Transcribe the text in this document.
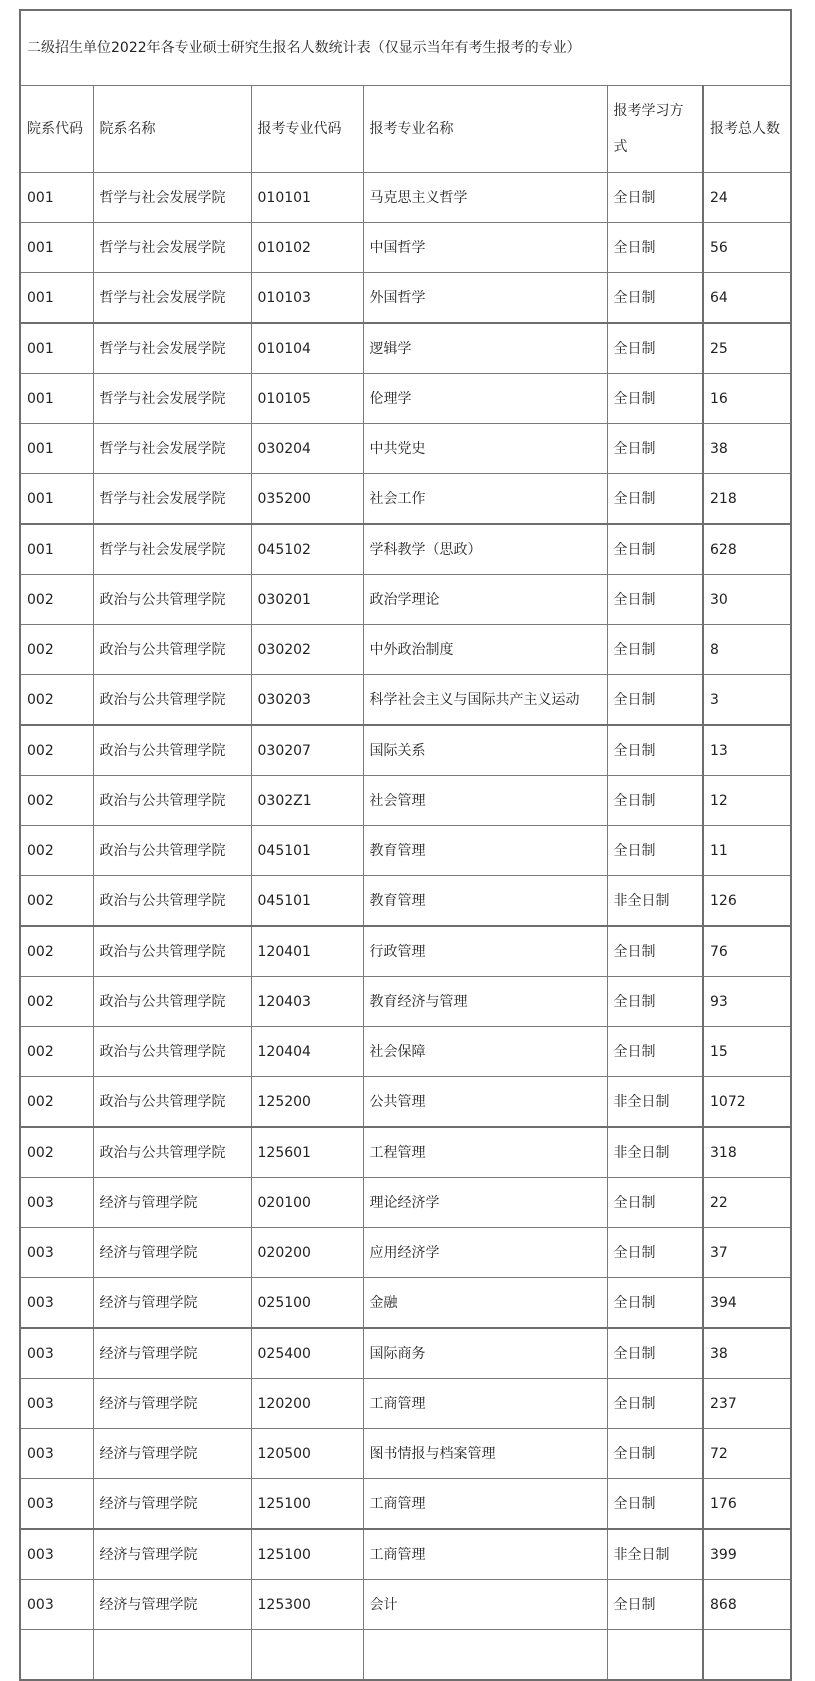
二级招生单位2022年各专业硕士研究生报名人数统计表（仅显示当年有考生报考的专业）					
院系代码	院系名称	报考专业代码	报考专业名称	报考学习方式	报考总人数
001	哲学与社会发展学院	010101	马克思主义哲学	全日制	24
001	哲学与社会发展学院	010102	中国哲学	全日制	56
001	哲学与社会发展学院	010103	外国哲学	全日制	64
001	哲学与社会发展学院	010104	逻辑学	全日制	25
001	哲学与社会发展学院	010105	伦理学	全日制	16
001	哲学与社会发展学院	030204	中共党史	全日制	38
001	哲学与社会发展学院	035200	社会工作	全日制	218
001	哲学与社会发展学院	045102	学科教学（思政）	全日制	628
002	政治与公共管理学院	030201	政治学理论	全日制	30
002	政治与公共管理学院	030202	中外政治制度	全日制	8
002	政治与公共管理学院	030203	科学社会主义与国际共产主义运动	全日制	3
002	政治与公共管理学院	030207	国际关系	全日制	13
002	政治与公共管理学院	0302Z1	社会管理	全日制	12
002	政治与公共管理学院	045101	教育管理	全日制	11
002	政治与公共管理学院	045101	教育管理	非全日制	126
002	政治与公共管理学院	120401	行政管理	全日制	76
002	政治与公共管理学院	120403	教育经济与管理	全日制	93
002	政治与公共管理学院	120404	社会保障	全日制	15
002	政治与公共管理学院	125200	公共管理	非全日制	1072
002	政治与公共管理学院	125601	工程管理	非全日制	318
003	经济与管理学院	020100	理论经济学	全日制	22
003	经济与管理学院	020200	应用经济学	全日制	37
003	经济与管理学院	025100	金融	全日制	394
003	经济与管理学院	025400	国际商务	全日制	38
003	经济与管理学院	120200	工商管理	全日制	237
003	经济与管理学院	120500	图书情报与档案管理	全日制	72
003	经济与管理学院	125100	工商管理	全日制	176
003	经济与管理学院	125100	工商管理	非全日制	399
003	经济与管理学院	125300	会计	全日制	868
